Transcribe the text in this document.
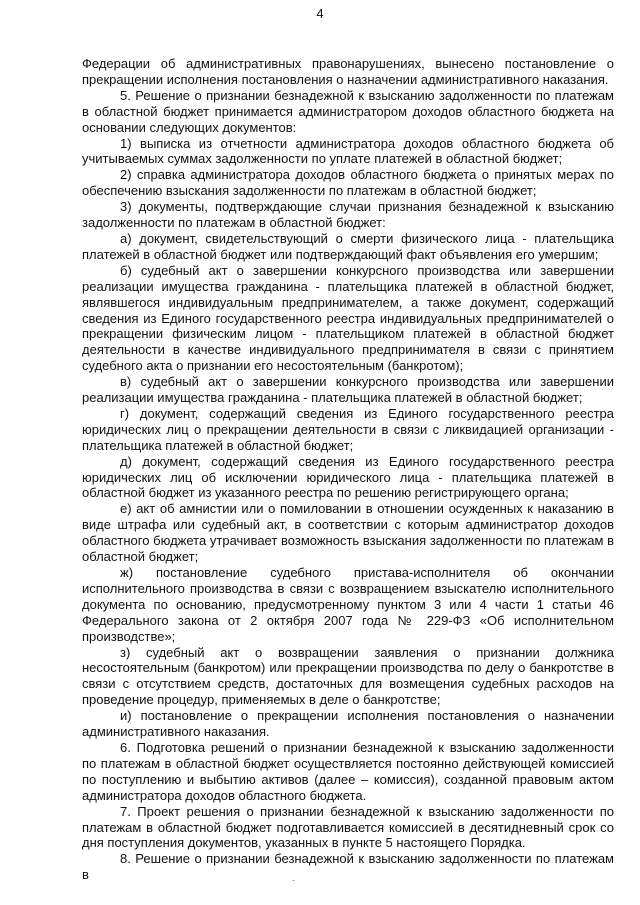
4

Федерации об административных правонарушениях, вынесено постановление о прекращении исполнения постановления о назначении административного наказания.

5. Решение о признании безнадежной к взысканию задолженности по платежам в областной бюджет принимается администратором доходов областного бюджета на основании следующих документов:

1) выписка из отчетности администратора доходов областного бюджета об учитываемых суммах задолженности по уплате платежей в областной бюджет;

2) справка администратора доходов областного бюджета о принятых мерах по обеспечению взыскания задолженности по платежам в областной бюджет;

3) документы, подтверждающие случаи признания безнадежной к взысканию задолженности по платежам в областной бюджет:

а) документ, свидетельствующий о смерти физического лица - плательщика платежей в областной бюджет или подтверждающий факт объявления его умершим;

б) судебный акт о завершении конкурсного производства или завершении реализации имущества гражданина - плательщика платежей в областной бюджет, являвшегося индивидуальным предпринимателем, а также документ, содержащий сведения из Единого государственного реестра индивидуальных предпринимателей о прекращении физическим лицом - плательщиком платежей в областной бюджет деятельности в качестве индивидуального предпринимателя в связи с принятием судебного акта о признании его несостоятельным (банкротом);

в) судебный акт о завершении конкурсного производства или завершении реализации имущества гражданина - плательщика платежей в областной бюджет;

г) документ, содержащий сведения из Единого государственного реестра юридических лиц о прекращении деятельности в связи с ликвидацией организации - плательщика платежей в областной бюджет;

д) документ, содержащий сведения из Единого государственного реестра юридических лиц об исключении юридического лица - плательщика платежей в областной бюджет из указанного реестра по решению регистрирующего органа;

е) акт об амнистии или о помиловании в отношении осужденных к наказанию в виде штрафа или судебный акт, в соответствии с которым администратор доходов областного бюджета утрачивает возможность взыскания задолженности по платежам в областной бюджет;

ж) постановление судебного пристава-исполнителя об окончании исполнительного производства в связи с возвращением взыскателю исполнительного документа по основанию, предусмотренному пунктом 3 или 4 части 1 статьи 46 Федерального закона от 2 октября 2007 года № 229-ФЗ «Об исполнительном производстве»;

з) судебный акт о возвращении заявления о признании должника несостоятельным (банкротом) или прекращении производства по делу о банкротстве в связи с отсутствием средств, достаточных для возмещения судебных расходов на проведение процедур, применяемых в деле о банкротстве;

и) постановление о прекращении исполнения постановления о назначении административного наказания.

6. Подготовка решений о признании безнадежной к взысканию задолженности по платежам в областной бюджет осуществляется постоянно действующей комиссией по поступлению и выбытию активов (далее – комиссия), созданной правовым актом администратора доходов областного бюджета.

7. Проект решения о признании безнадежной к взысканию задолженности по платежам в областной бюджет подготавливается комиссией в десятидневный срок со дня поступления документов, указанных в пункте 5 настоящего Порядка.

8. Решение о признании безнадежной к взысканию задолженности по платежам в
